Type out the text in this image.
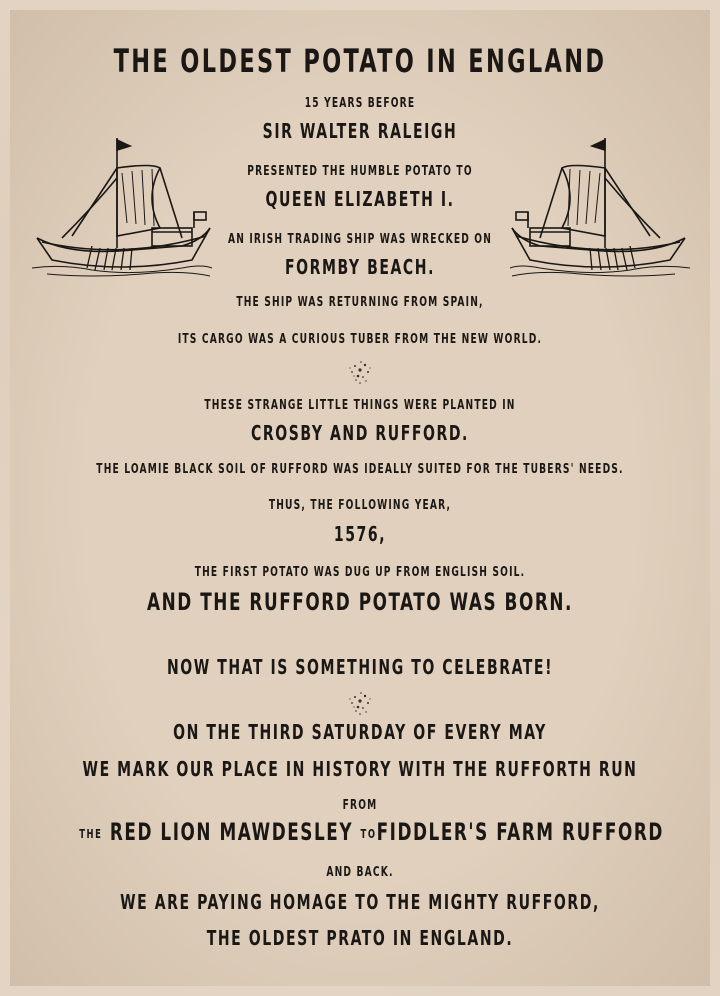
THE OLDEST POTATO IN ENGLAND
15 YEARS BEFORE
SIR WALTER RALEIGH
PRESENTED THE HUMBLE POTATO TO
QUEEN ELIZABETH I.
AN IRISH TRADING SHIP WAS WRECKED ON
FORMBY BEACH.
THE SHIP WAS RETURNING FROM SPAIN,
ITS CARGO WAS A CURIOUS TUBER FROM THE NEW WORLD.
THESE STRANGE LITTLE THINGS WERE PLANTED IN
CROSBY AND RUFFORD.
THE LOAMIE BLACK SOIL OF RUFFORD WAS IDEALLY SUITED FOR THE TUBERS' NEEDS.
THUS, THE FOLLOWING YEAR,
1576,
THE FIRST POTATO WAS DUG UP FROM ENGLISH SOIL.
AND THE RUFFORD POTATO WAS BORN.
NOW THAT IS SOMETHING TO CELEBRATE!
ON THE THIRD SATURDAY OF EVERY MAY
WE MARK OUR PLACE IN HISTORY WITH THE RUFFORTH RUN
FROM
THE RED LION MAWDESLEY TOFIDDLER'S FARM RUFFORD
AND BACK.
WE ARE PAYING HOMAGE TO THE MIGHTY RUFFORD,
THE OLDEST PRATO IN ENGLAND.
